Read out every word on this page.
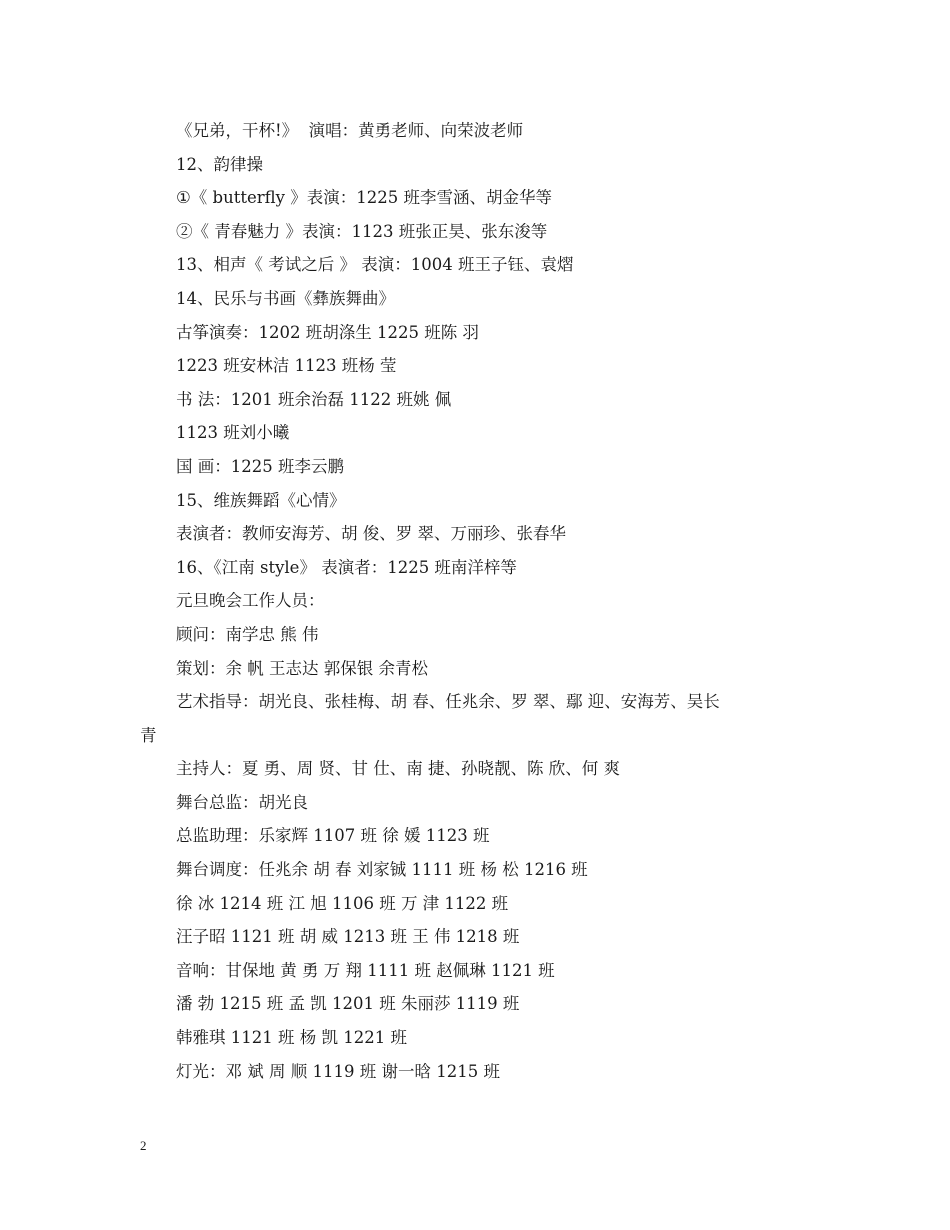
《兄弟，干杯!》  演唱：黄勇老师、向荣波老师
12、韵律操
①《 butterfly 》表演：1225 班李雪涵、胡金华等
②《 青春魅力 》表演：1123 班张正昊、张东浚等
13、相声《 考试之后 》 表演：1004 班王子钰、袁熠
14、民乐与书画《彝族舞曲》
古筝演奏：1202 班胡涤生 1225 班陈 羽
1223 班安林洁 1123 班杨 莹
书 法：1201 班余治磊 1122 班姚 佩
1123 班刘小曦
国 画：1225 班李云鹏
15、维族舞蹈《心情》
表演者：教师安海芳、胡 俊、罗 翠、万丽珍、张春华
16、《江南 style》 表演者：1225 班南洋梓等
元旦晚会工作人员：
顾问：南学忠 熊 伟
策划：余 帆 王志达 郭保银 余青松
艺术指导：胡光良、张桂梅、胡 春、任兆余、罗 翠、鄢 迎、安海芳、吴长
青
主持人：夏 勇、周 贤、甘 仕、南 捷、孙晓靓、陈 欣、何 爽
舞台总监：胡光良
总监助理：乐家辉 1107 班 徐 媛 1123 班
舞台调度：任兆余 胡 春 刘家铖 1111 班 杨 松 1216 班
徐 冰 1214 班 江 旭 1106 班 万 津 1122 班
汪子昭 1121 班 胡 威 1213 班 王 伟 1218 班
音响：甘保地 黄 勇 万 翔 1111 班 赵佩琳 1121 班
潘 勃 1215 班 孟 凯 1201 班 朱丽莎 1119 班
韩雅琪 1121 班 杨 凯 1221 班
灯光：邓 斌 周 顺 1119 班 谢一晗 1215 班
2
